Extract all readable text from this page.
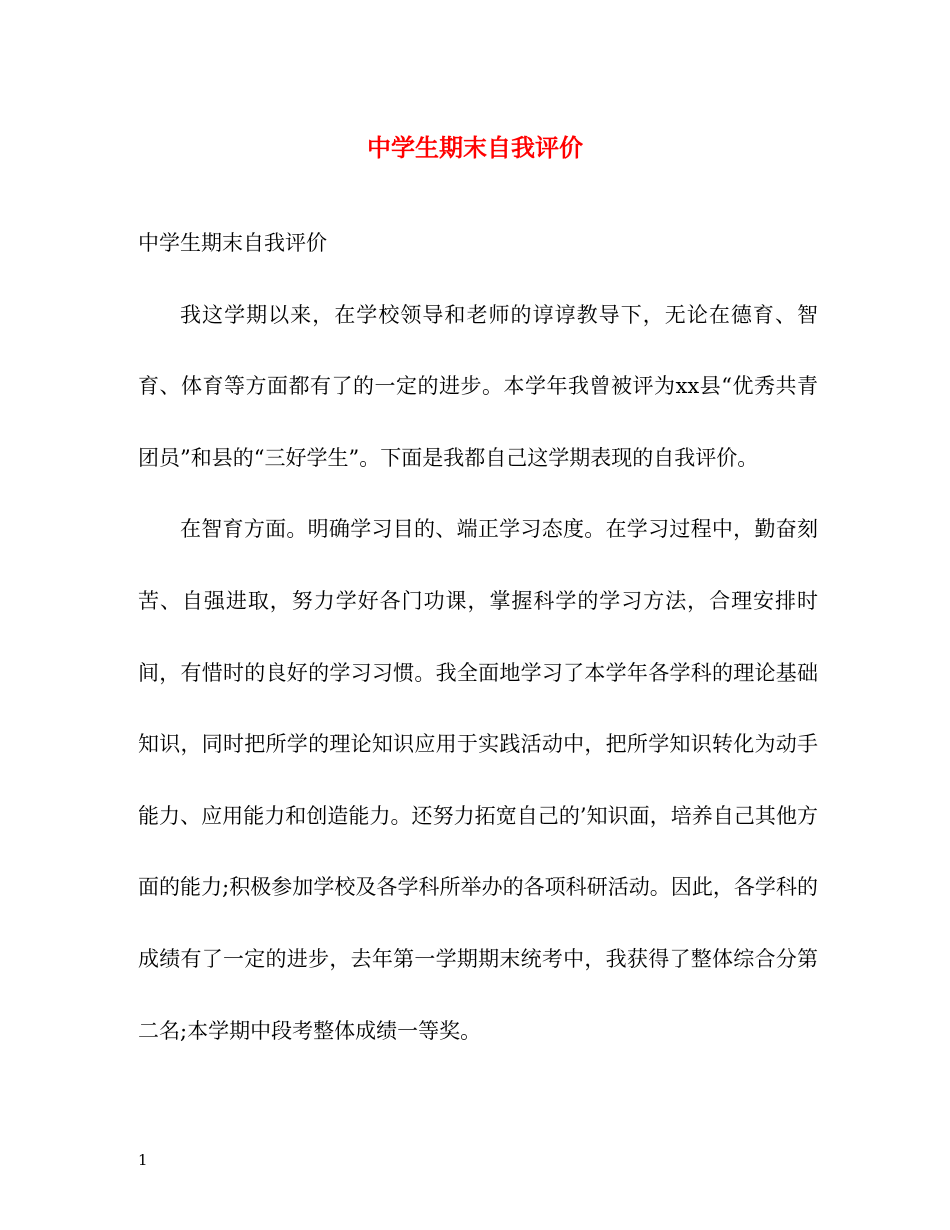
中学生期末自我评价

中学生期末自我评价

我这学期以来，在学校领导和老师的谆谆教导下，无论在德育、智育、体育等方面都有了的一定的进步。本学年我曾被评为xx县“优秀共青团员”和县的“三好学生”。下面是我都自己这学期表现的自我评价。

在智育方面。明确学习目的、端正学习态度。在学习过程中，勤奋刻苦、自强进取，努力学好各门功课，掌握科学的学习方法，合理安排时间，有惜时的良好的学习习惯。我全面地学习了本学年各学科的理论基础知识，同时把所学的理论知识应用于实践活动中，把所学知识转化为动手能力、应用能力和创造能力。还努力拓宽自己的’知识面，培养自己其他方面的能力;积极参加学校及各学科所举办的各项科研活动。因此，各学科的成绩有了一定的进步，去年第一学期期末统考中，我获得了整体综合分第二名;本学期中段考整体成绩一等奖。

1
